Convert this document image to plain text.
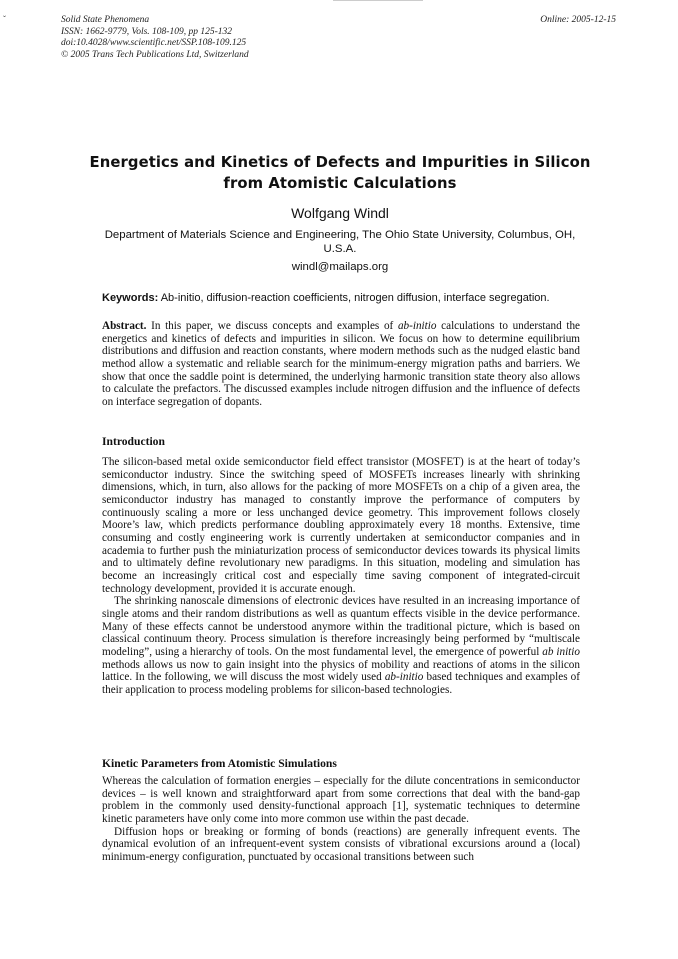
ˇ	Solid State Phenomena
ISSN: 1662-9779, Vols. 108-109, pp 125-132
doi:10.4028/www.scientific.net/SSP.108-109.125
© 2005 Trans Tech Publications Ltd, Switzerland
Online: 2005-12-15
Energetics and Kinetics of Defects and Impurities in Silicon
from Atomistic Calculations
Wolfgang Windl
Department of Materials Science and Engineering, The Ohio State University, Columbus, OH, U.S.A.
windl@mailaps.org
Keywords: Ab-initio, diffusion-reaction coefficients, nitrogen diffusion, interface segregation.

Abstract. In this paper, we discuss concepts and examples of ab-initio calculations to understand the energetics and kinetics of defects and impurities in silicon. We focus on how to determine equilibrium distributions and diffusion and reaction constants, where modern methods such as the nudged elastic band method allow a systematic and reliable search for the minimum-energy migration paths and barriers. We show that once the saddle point is determined, the underlying harmonic transition state theory also allows to calculate the prefactors. The discussed examples include nitrogen diffusion and the influence of defects on interface segregation of dopants.

Introduction

The silicon-based metal oxide semiconductor field effect transistor (MOSFET) is at the heart of today’s semiconductor industry. Since the switching speed of MOSFETs increases linearly with shrinking dimensions, which, in turn, also allows for the packing of more MOSFETs on a chip of a given area, the semiconductor industry has managed to constantly improve the performance of computers by continuously scaling a more or less unchanged device geometry. This improvement follows closely Moore’s law, which predicts performance doubling approximately every 18 months. Extensive, time consuming and costly engineering work is currently undertaken at semiconductor companies and in academia to further push the miniaturization process of semiconductor devices towards its physical limits and to ultimately define revolutionary new paradigms. In this situation, modeling and simulation has become an increasingly critical cost and especially time saving component of integrated-circuit technology development, provided it is accurate enough.

The shrinking nanoscale dimensions of electronic devices have resulted in an increasing importance of single atoms and their random distributions as well as quantum effects visible in the device performance. Many of these effects cannot be understood anymore within the traditional picture, which is based on classical continuum theory. Process simulation is therefore increasingly being performed by “multiscale modeling”, using a hierarchy of tools. On the most fundamental level, the emergence of powerful ab initio methods allows us now to gain insight into the physics of mobility and reactions of atoms in the silicon lattice. In the following, we will discuss the most widely used ab-initio based techniques and examples of their application to process modeling problems for silicon-based technologies.

Kinetic Parameters from Atomistic Simulations

Whereas the calculation of formation energies – especially for the dilute concentrations in semiconductor devices – is well known and straightforward apart from some corrections that deal with the band-gap problem in the commonly used density-functional approach [1], systematic techniques to determine kinetic parameters have only come into more common use within the past decade.

Diffusion hops or breaking or forming of bonds (reactions) are generally infrequent events. The dynamical evolution of an infrequent-event system consists of vibrational excursions around a (local) minimum-energy configuration, punctuated by occasional transitions between such
